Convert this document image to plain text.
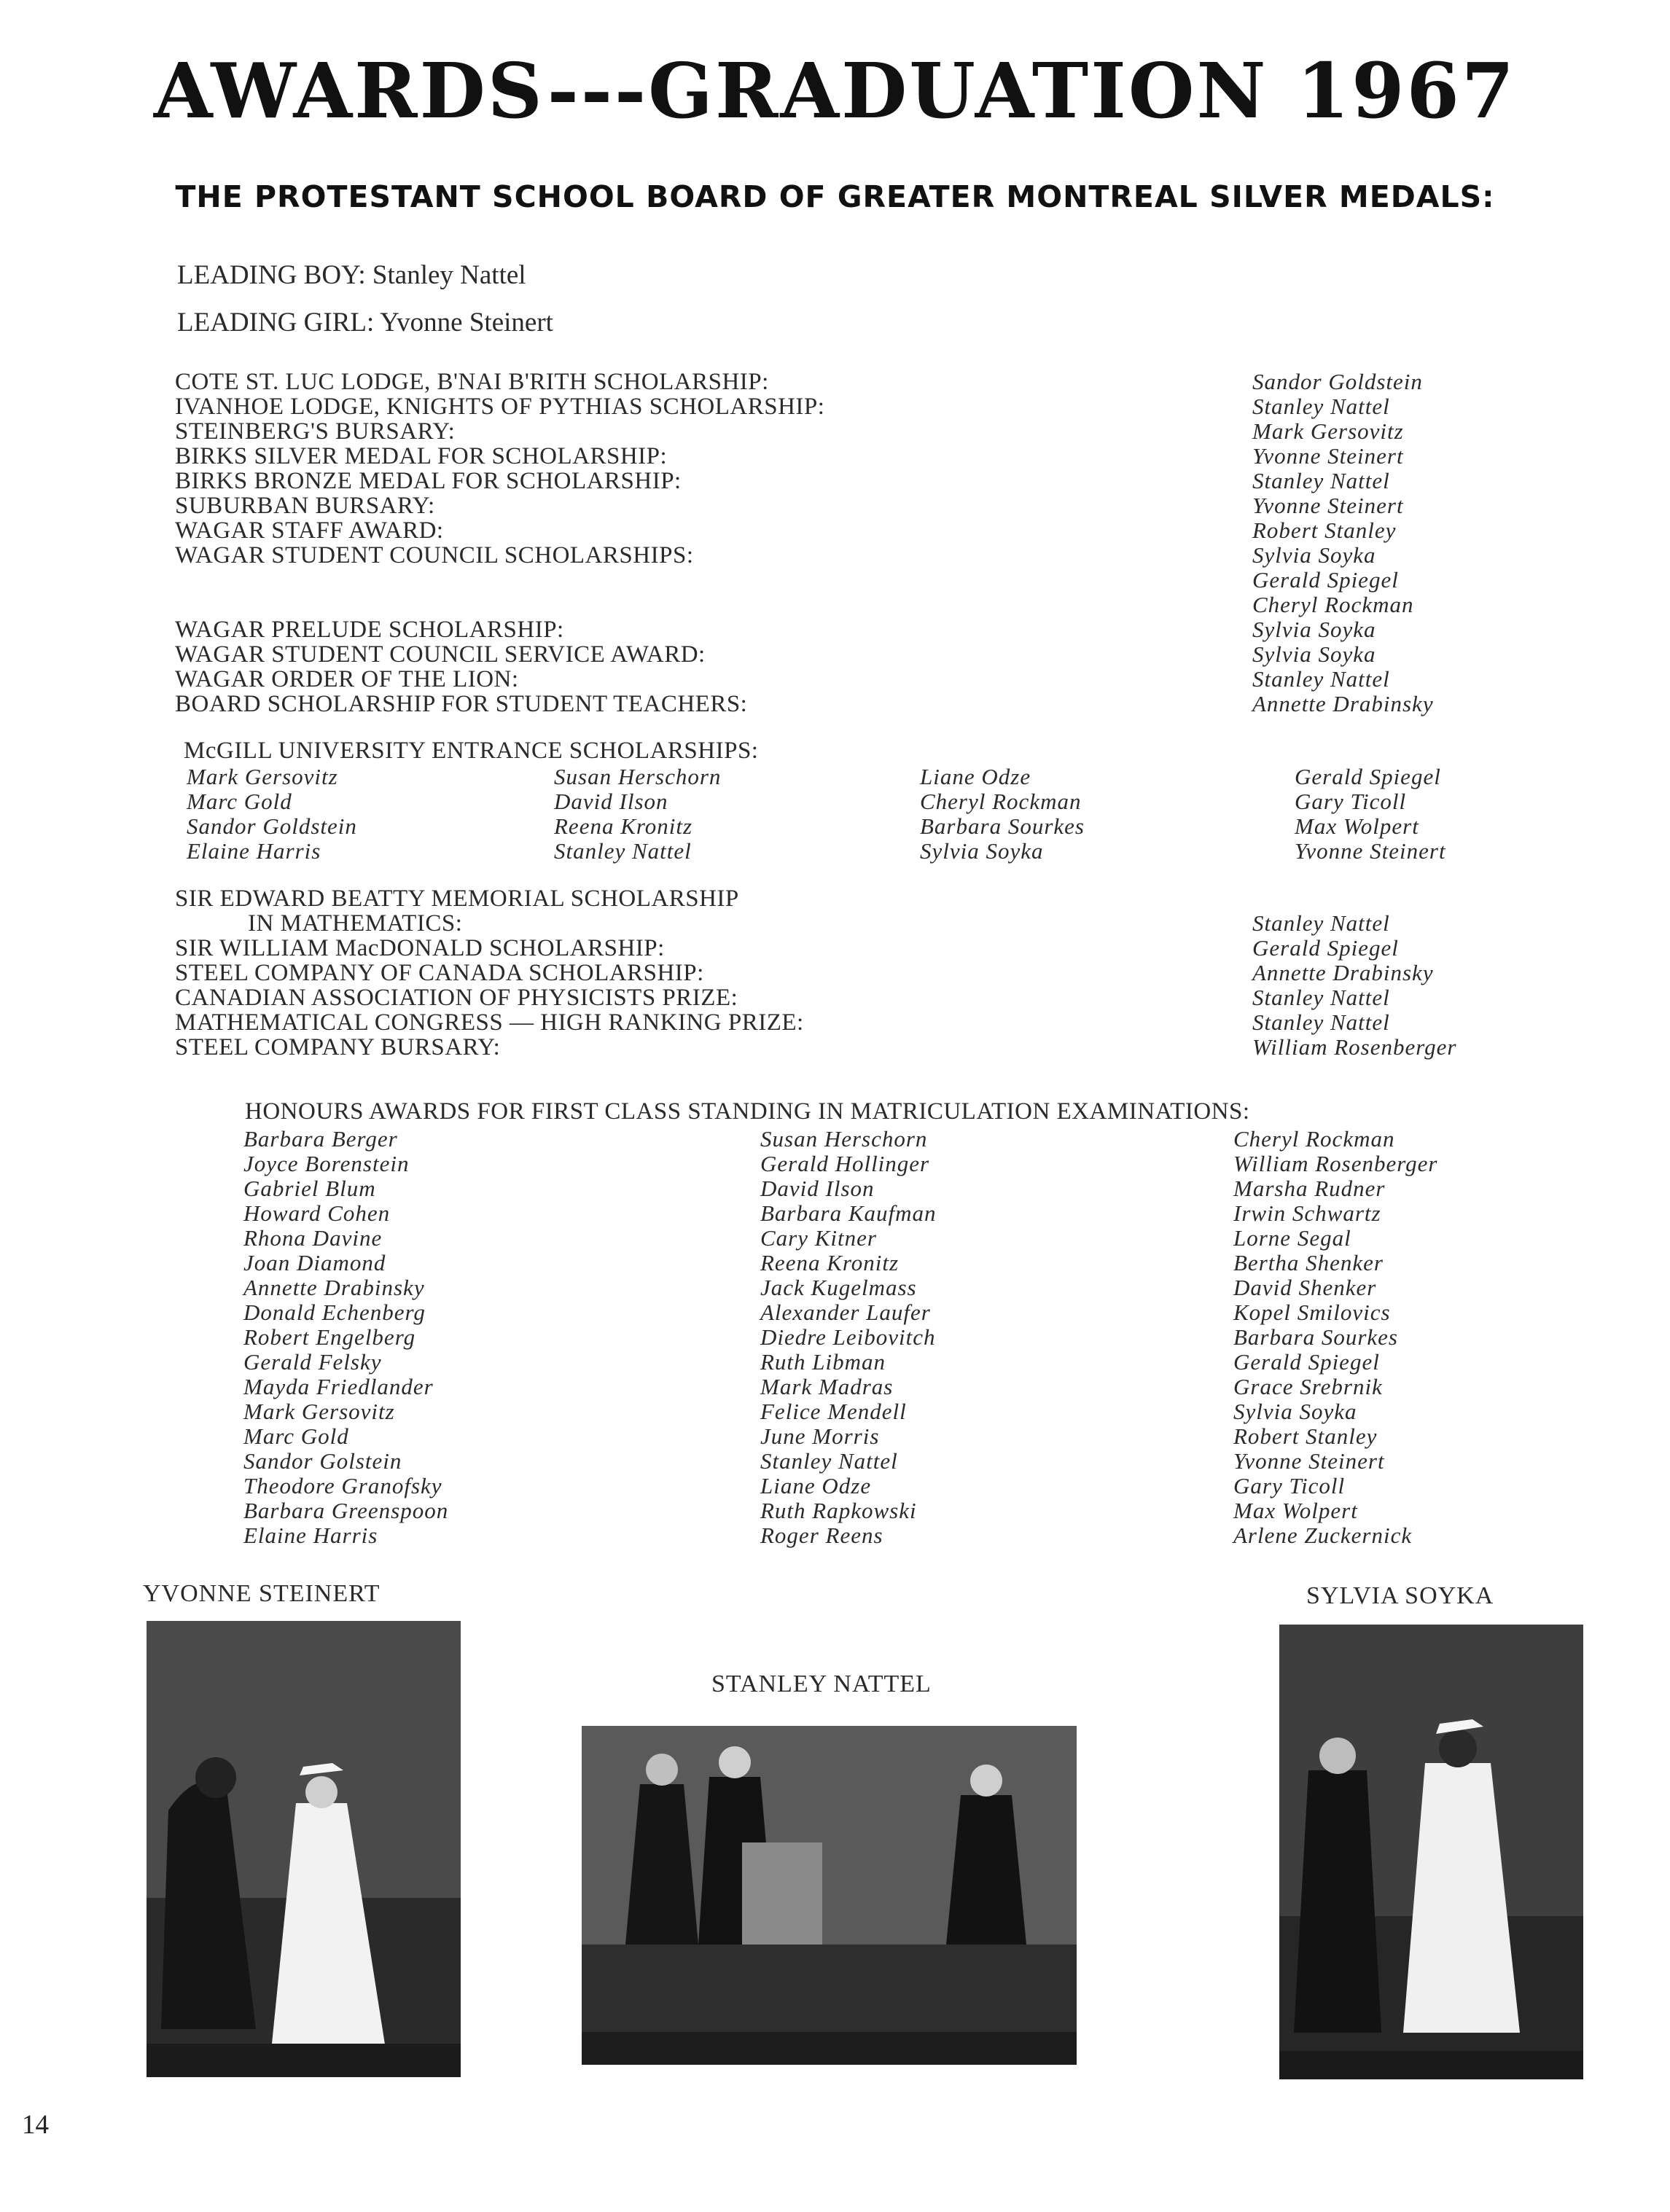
AWARDS---GRADUATION 1967
THE PROTESTANT SCHOOL BOARD OF GREATER MONTREAL SILVER MEDALS:
LEADING BOY: Stanley Nattel
LEADING GIRL: Yvonne Steinert
COTE ST. LUC LODGE, B'NAI B'RITH SCHOLARSHIP:
IVANHOE LODGE, KNIGHTS OF PYTHIAS SCHOLARSHIP:
STEINBERG'S BURSARY:
BIRKS SILVER MEDAL FOR SCHOLARSHIP:
BIRKS BRONZE MEDAL FOR SCHOLARSHIP:
SUBURBAN BURSARY:
WAGAR STAFF AWARD:
WAGAR STUDENT COUNCIL SCHOLARSHIPS:
WAGAR PRELUDE SCHOLARSHIP:
WAGAR STUDENT COUNCIL SERVICE AWARD:
WAGAR ORDER OF THE LION:
BOARD SCHOLARSHIP FOR STUDENT TEACHERS:
Sandor Goldstein
Stanley Nattel
Mark Gersovitz
Yvonne Steinert
Stanley Nattel
Yvonne Steinert
Robert Stanley
Sylvia Soyka
Gerald Spiegel
Cheryl Rockman
Sylvia Soyka
Sylvia Soyka
Stanley Nattel
Annette Drabinsky
McGILL UNIVERSITY ENTRANCE SCHOLARSHIPS:
Mark Gersovitz
Marc Gold
Sandor Goldstein
Elaine Harris
Susan Herschorn
David Ilson
Reena Kronitz
Stanley Nattel
Liane Odze
Cheryl Rockman
Barbara Sourkes
Sylvia Soyka
Gerald Spiegel
Gary Ticoll
Max Wolpert
Yvonne Steinert
SIR EDWARD BEATTY MEMORIAL SCHOLARSHIP
IN MATHEMATICS:
SIR WILLIAM MacDONALD SCHOLARSHIP:
STEEL COMPANY OF CANADA SCHOLARSHIP:
CANADIAN ASSOCIATION OF PHYSICISTS PRIZE:
MATHEMATICAL CONGRESS — HIGH RANKING PRIZE:
STEEL COMPANY BURSARY:
Stanley Nattel
Gerald Spiegel
Annette Drabinsky
Stanley Nattel
Stanley Nattel
William Rosenberger
HONOURS AWARDS FOR FIRST CLASS STANDING IN MATRICULATION EXAMINATIONS:
Barbara Berger
Joyce Borenstein
Gabriel Blum
Howard Cohen
Rhona Davine
Joan Diamond
Annette Drabinsky
Donald Echenberg
Robert Engelberg
Gerald Felsky
Mayda Friedlander
Mark Gersovitz
Marc Gold
Sandor Golstein
Theodore Granofsky
Barbara Greenspoon
Elaine Harris
Susan Herschorn
Gerald Hollinger
David Ilson
Barbara Kaufman
Cary Kitner
Reena Kronitz
Jack Kugelmass
Alexander Laufer
Diedre Leibovitch
Ruth Libman
Mark Madras
Felice Mendell
June Morris
Stanley Nattel
Liane Odze
Ruth Rapkowski
Roger Reens
Cheryl Rockman
William Rosenberger
Marsha Rudner
Irwin Schwartz
Lorne Segal
Bertha Shenker
David Shenker
Kopel Smilovics
Barbara Sourkes
Gerald Spiegel
Grace Srebrnik
Sylvia Soyka
Robert Stanley
Yvonne Steinert
Gary Ticoll
Max Wolpert
Arlene Zuckernick
YVONNE STEINERT
STANLEY NATTEL
SYLVIA SOYKA
14
